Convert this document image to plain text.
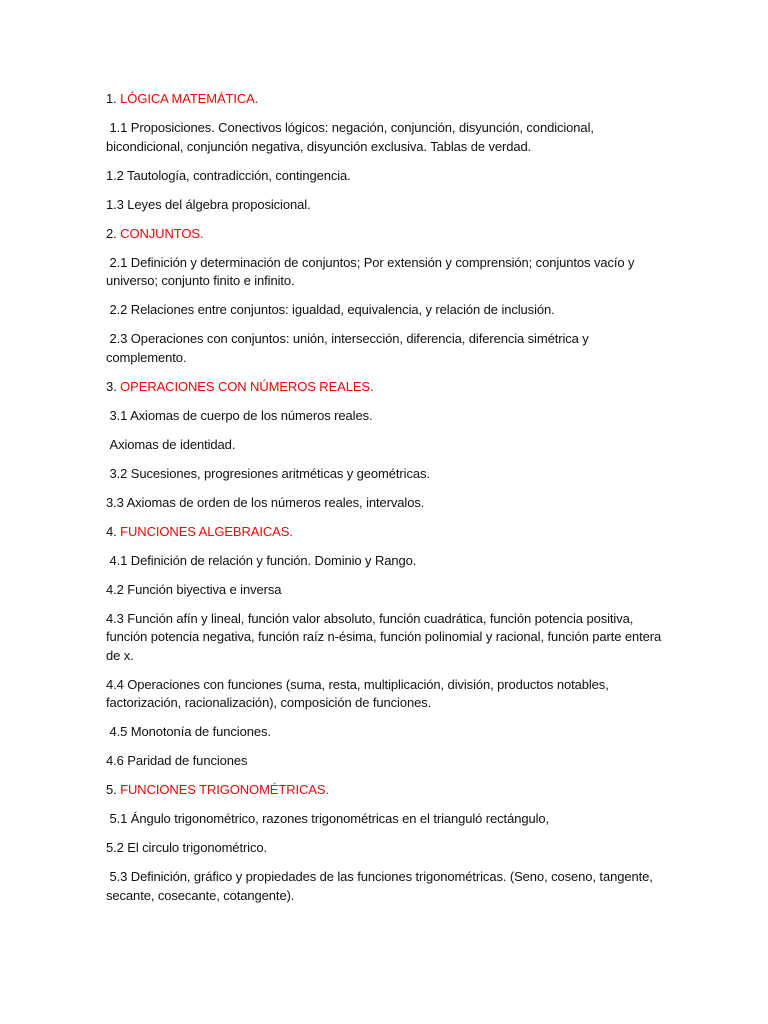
1. LÓGICA MATEMÁTICA.

1.1 Proposiciones. Conectivos lógicos: negación, conjunción, disyunción, condicional, bicondicional, conjunción negativa, disyunción exclusiva. Tablas de verdad.

1.2 Tautología, contradicción, contingencia.

1.3 Leyes del álgebra proposicional.

2. CONJUNTOS.

2.1 Definición y determinación de conjuntos; Por extensión y comprensión; conjuntos vacío y universo; conjunto finito e infinito.

2.2 Relaciones entre conjuntos: igualdad, equivalencia, y relación de inclusión.

2.3 Operaciones con conjuntos: unión, intersección, diferencia, diferencia simétrica y complemento.

3. OPERACIONES CON NÚMEROS REALES.

3.1 Axiomas de cuerpo de los números reales.

Axiomas de identidad.

3.2 Sucesiones, progresiones aritméticas y geométricas.

3.3 Axiomas de orden de los números reales, intervalos.

4. FUNCIONES ALGEBRAICAS.

4.1 Definición de relación y función. Dominio y Rango.

4.2 Función biyectiva e inversa

4.3 Función afín y lineal, función valor absoluto, función cuadrática, función potencia positiva, función potencia negativa, función raíz n-ésima, función polinomial y racional, función parte entera de x.

4.4 Operaciones con funciones (suma, resta, multiplicación, división, productos notables, factorización, racionalización), composición de funciones.

4.5 Monotonía de funciones.

4.6 Paridad de funciones

5. FUNCIONES TRIGONOMÉTRICAS.

5.1 Ángulo trigonométrico, razones trigonométricas en el trianguló rectángulo,

5.2 El circulo trigonométrico.

5.3 Definición, gráfico y propiedades de las funciones trigonométricas. (Seno, coseno, tangente, secante, cosecante, cotangente).
